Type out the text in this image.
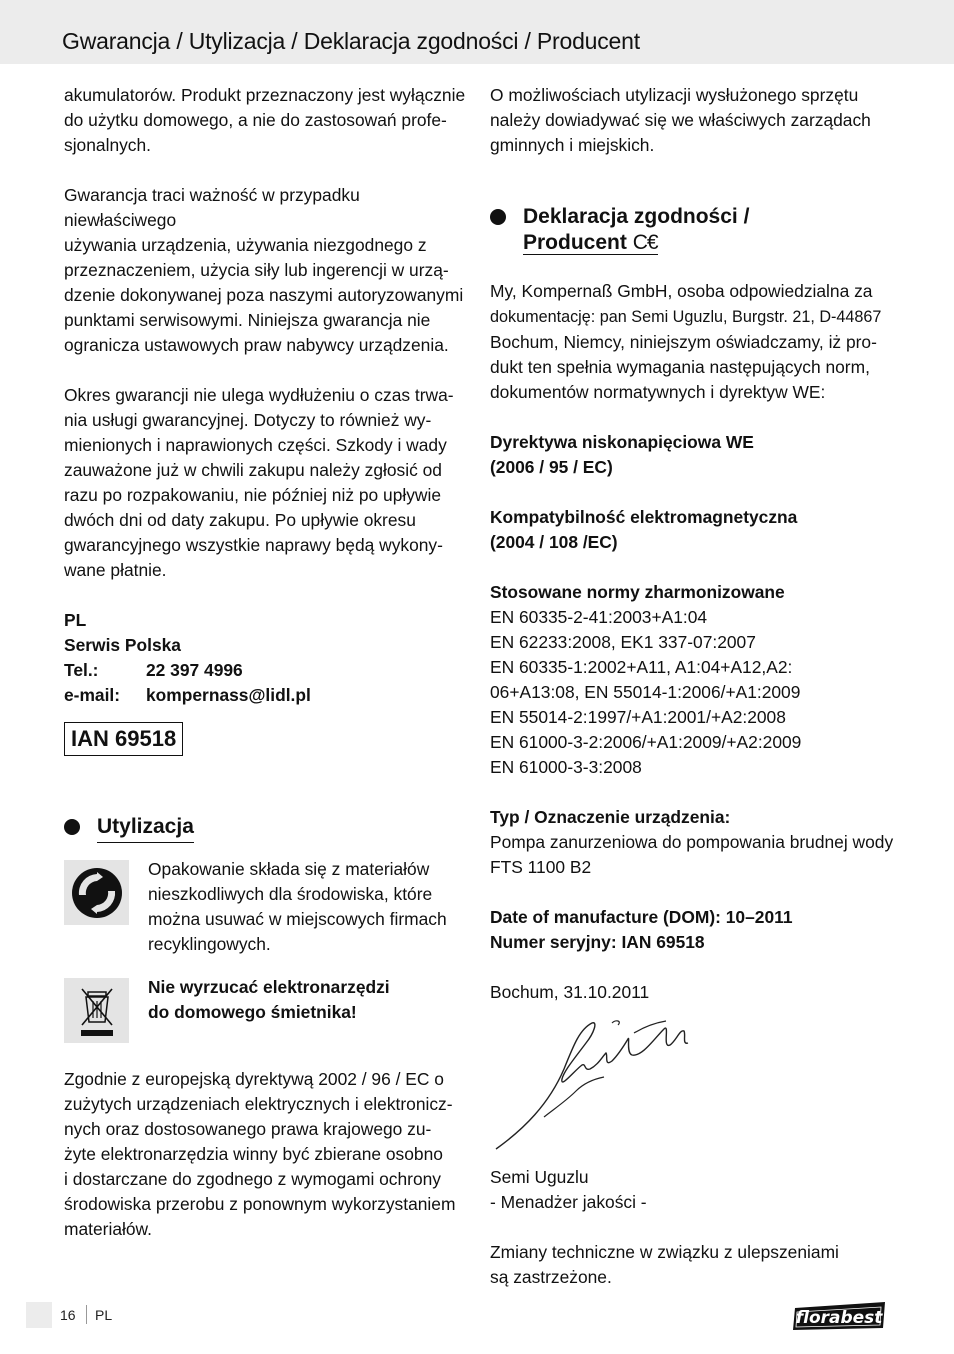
Gwarancja / Utylizacja / Deklaracja zgodności / Producent

akumulatorów. Produkt przeznaczony jest wyłącznie
do użytku domowego, a nie do zastosowań profe-
sjonalnych.

Gwarancja traci ważność w przypadku niewłaściwego
używania urządzenia, używania niezgodnego z
przeznaczeniem, użycia siły lub ingerencji w urzą-
dzenie dokonywanej poza naszymi autoryzowanymi
punktami serwisowymi. Niniejsza gwarancja nie
ogranicza ustawowych praw nabywcy urządzenia.

Okres gwarancji nie ulega wydłużeniu o czas trwa-
nia usługi gwarancyjnej. Dotyczy to również wy-
mienionych i naprawionych części. Szkody i wady
zauważone już w chwili zakupu należy zgłosić od
razu po rozpakowaniu, nie później niż po upływie
dwóch dni od daty zakupu. Po upływie okresu
gwarancyjnego wszystkie naprawy będą wykony-
wane płatnie.

PL
Serwis Polska
Tel.:	22 397 4996
e-mail:	kompernass@lidl.pl
IAN 69518
Utylizacja

Opakowanie składa się z materiałów
nieszkodliwych dla środowiska, które
można usuwać w miejscowych firmach
recyklingowych.

Nie wyrzucać elektronarzędzi
do domowego śmietnika!

Zgodnie z europejską dyrektywą 2002 / 96 / EC o
zużytych urządzeniach elektrycznych i elektronicz-
nych oraz dostosowanego prawa krajowego zu-
żyte elektronarzędzia winny być zbierane osobno
i dostarczane do zgodnego z wymogami ochrony
środowiska przerobu z ponownym wykorzystaniem
materiałów.

O możliwościach utylizacji wysłużonego sprzętu
należy dowiadywać się we właściwych zarządach
gminnych i miejskich.

Deklaracja zgodności /
Producent C€

My, Kompernaß GmbH, osoba odpowiedzialna za
dokumentację: pan Semi Uguzlu, Burgstr. 21, D-44867
Bochum, Niemcy, niniejszym oświadczamy, iż pro-
dukt ten spełnia wymagania następujących norm,
dokumentów normatywnych i dyrektyw WE:

Dyrektywa niskonapięciowa WE
(2006 / 95 / EC)

Kompatybilność elektromagnetyczna
(2004 / 108 /EC)

Stosowane normy zharmonizowane

EN 60335-2-41:2003+A1:04
EN 62233:2008, EK1 337-07:2007
EN 60335-1:2002+A11, A1:04+A12,A2:
06+A13:08, EN 55014-1:2006/+A1:2009
EN 55014-2:1997/+A1:2001/+A2:2008
EN 61000-3-2:2006/+A1:2009/+A2:2009
EN 61000-3-3:2008

Typ / Oznaczenie urządzenia:

Pompa zanurzeniowa do pompowania brudnej wody
FTS 1100 B2

Date of manufacture (DOM): 10–2011

Numer seryjny: IAN 69518

Bochum, 31.10.2011

Semi Uguzlu

- Menadżer jakości -

Zmiany techniczne w związku z ulepszeniami
są zastrzeżone.

16 PL	florabest
